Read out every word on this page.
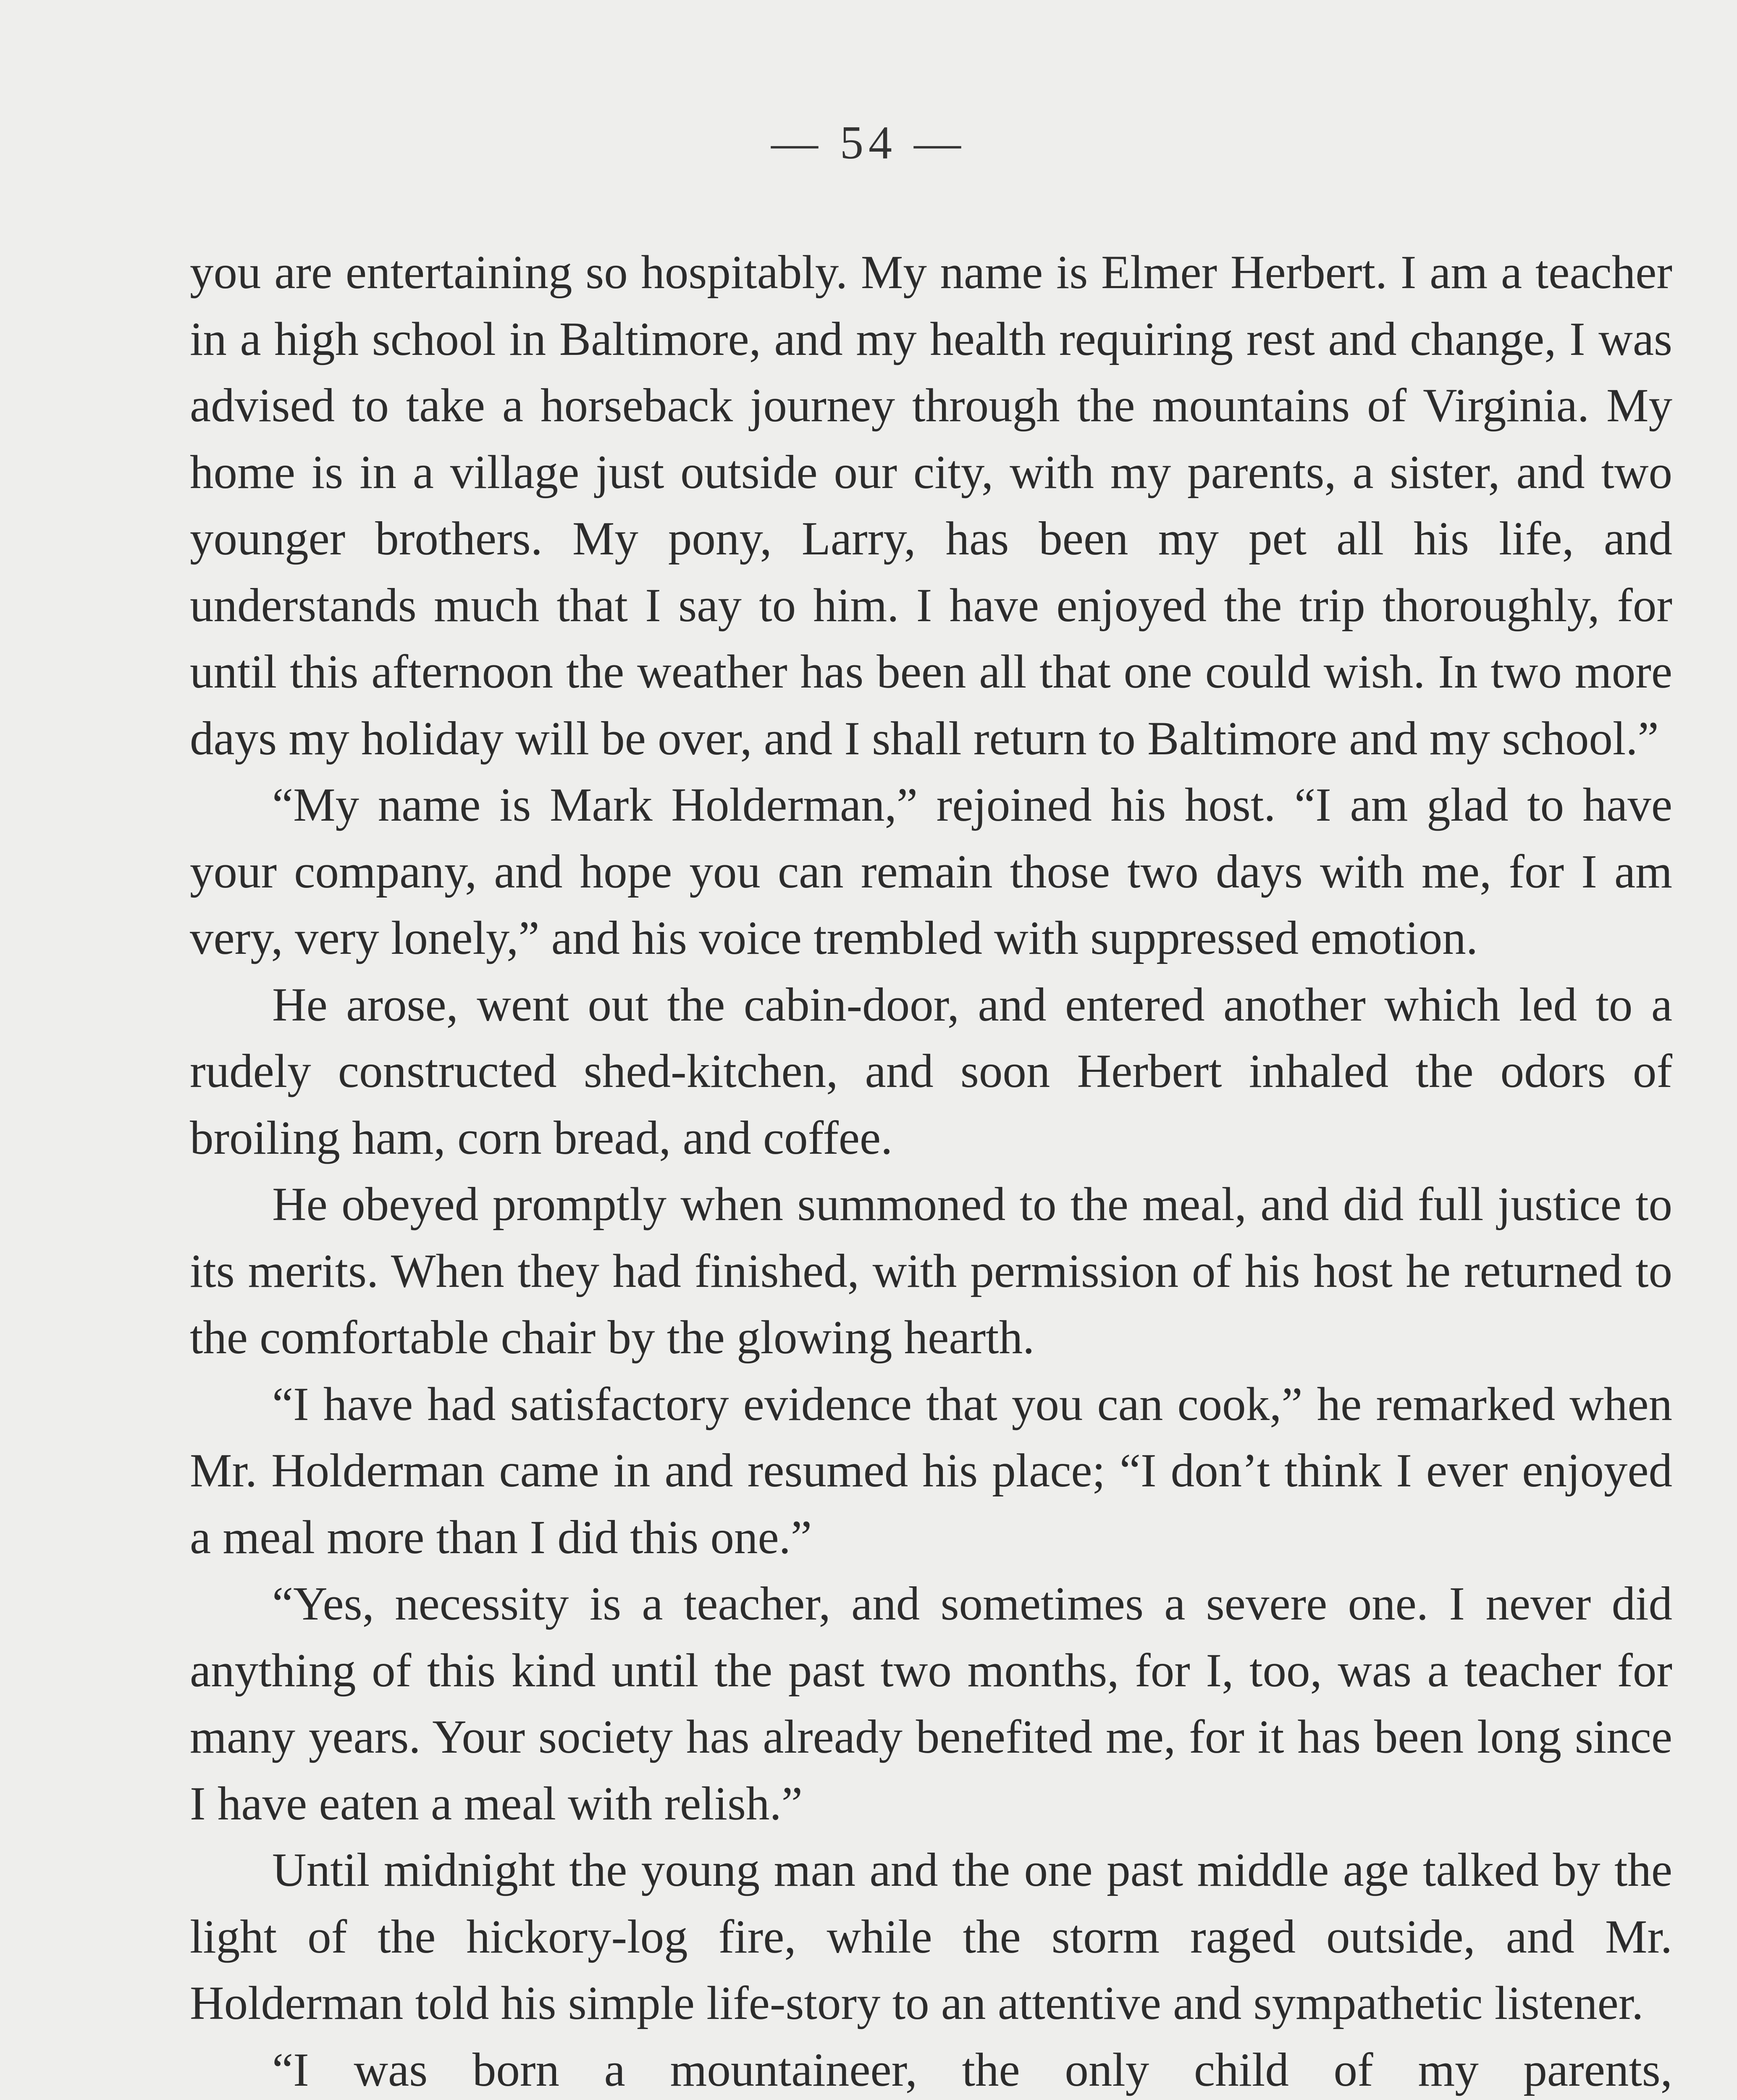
— 54 —

you are entertaining so hospitably. My name is Elmer Herbert. I am a teacher in a high school in Baltimore, and my health requiring rest and change, I was advised to take a horseback journey through the mountains of Virginia. My home is in a village just outside our city, with my parents, a sister, and two younger brothers. My pony, Larry, has been my pet all his life, and understands much that I say to him. I have enjoyed the trip thoroughly, for until this afternoon the weather has been all that one could wish. In two more days my holiday will be over, and I shall return to Baltimore and my school.”

“My name is Mark Holderman,” rejoined his host. “I am glad to have your company, and hope you can remain those two days with me, for I am very, very lonely,” and his voice trembled with suppressed emotion.

He arose, went out the cabin-door, and entered another which led to a rudely constructed shed-kitchen, and soon Herbert inhaled the odors of broiling ham, corn bread, and coffee.

He obeyed promptly when summoned to the meal, and did full justice to its merits. When they had finished, with permission of his host he returned to the comfortable chair by the glowing hearth.

“I have had satisfactory evidence that you can cook,” he remarked when Mr. Holderman came in and resumed his place; “I don’t think I ever enjoyed a meal more than I did this one.”

“Yes, necessity is a teacher, and sometimes a severe one. I never did anything of this kind until the past two months, for I, too, was a teacher for many years. Your society has already benefited me, for it has been long since I have eaten a meal with relish.”

Until midnight the young man and the one past middle age talked by the light of the hickory-log fire, while the storm raged outside, and Mr. Holderman told his simple life-story to an attentive and sympathetic listener.

“I was born a mountaineer, the only child of my parents,
